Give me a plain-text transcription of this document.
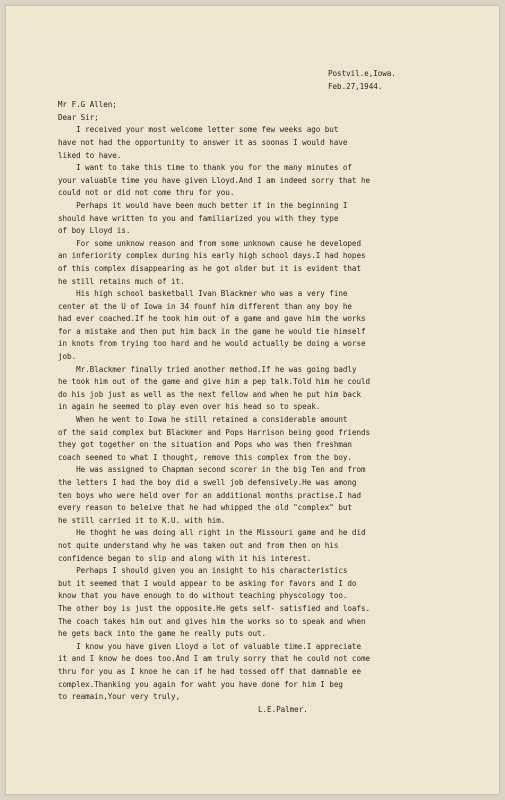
Postvil.e,Iowa.
Feb.27,1944.
Mr F.G Allen;
Dear Sir;
I received your most welcome letter some few weeks ago but
have not had the opportunity to answer it as soonas I would have
liked to have.
I want to take this time to thank you for the many minutes of
your valuable time you have given Lloyd.And I am indeed sorry that he
could not or did not come thru for you.
Perhaps it would have been much better if in the beginning I
should have written to you and familiarized you with they type
of boy Lloyd is.
For some unknow reason and from some unknown cause he developed
an inferiority complex during his early high school days.I had hopes
of this complex disappearing as he got older but it is evident that
he still retains much of it.
His high school basketball Ivan Blackmer who was a very fine
center at the U of Iowa in 34 founf him different than any boy he
had ever coached.If he took him out of a game and gave him the works
for a mistake and then put him back in the game he would tie himself
in knots from trying too hard and he would actually be doing a worse
job.
Mr.Blackmer finally tried another method.If he was going badly
he took him out of the game and give him a pep talk.Told him he could
do his job just as well as the next fellow and when he put him back
in again he seemed to play even over his head so to speak.
When he went to Iowa he still retained a considerable amount
of the said complex but Blackmer and Pops Harrison being good friends
they got together on the situation and Pops who was then freshman
coach seemed to what I thought, remove this complex from the boy.
He was assigned to Chapman second scorer in the big Ten and from
the letters I had the boy did a swell job defensively.He was among
ten boys who were held over for an additional months practise.I had
every reason to beleive that he had whipped the old "complex" but
he still carried it to K.U. with him.
He thoght he was doing all right in the Missouri game and he did
not quite understand why he was taken out and from then on his
confidence began to slip and along with it his interest.
Perhaps I should given you an insight to his characteristics
but it seemed that I would appear to be asking for favors and I do
know that you have enough to do without teaching physcology too.
The other boy is just the opposite.He gets self- satisfied and loafs.
The coach takes him out and gives him the works so to speak and when
he gets back into the game he really puts out.
I know you have given Lloyd a lot of valuable time.I appreciate
it and I know he does too.And I am truly sorry that he could not come
thru for you as I knoe he can if he had tossed off that damnable ee
complex.Thanking you again for waht you have done for him I beg
to reamain,Your very truly,
L.E.Palmer.
